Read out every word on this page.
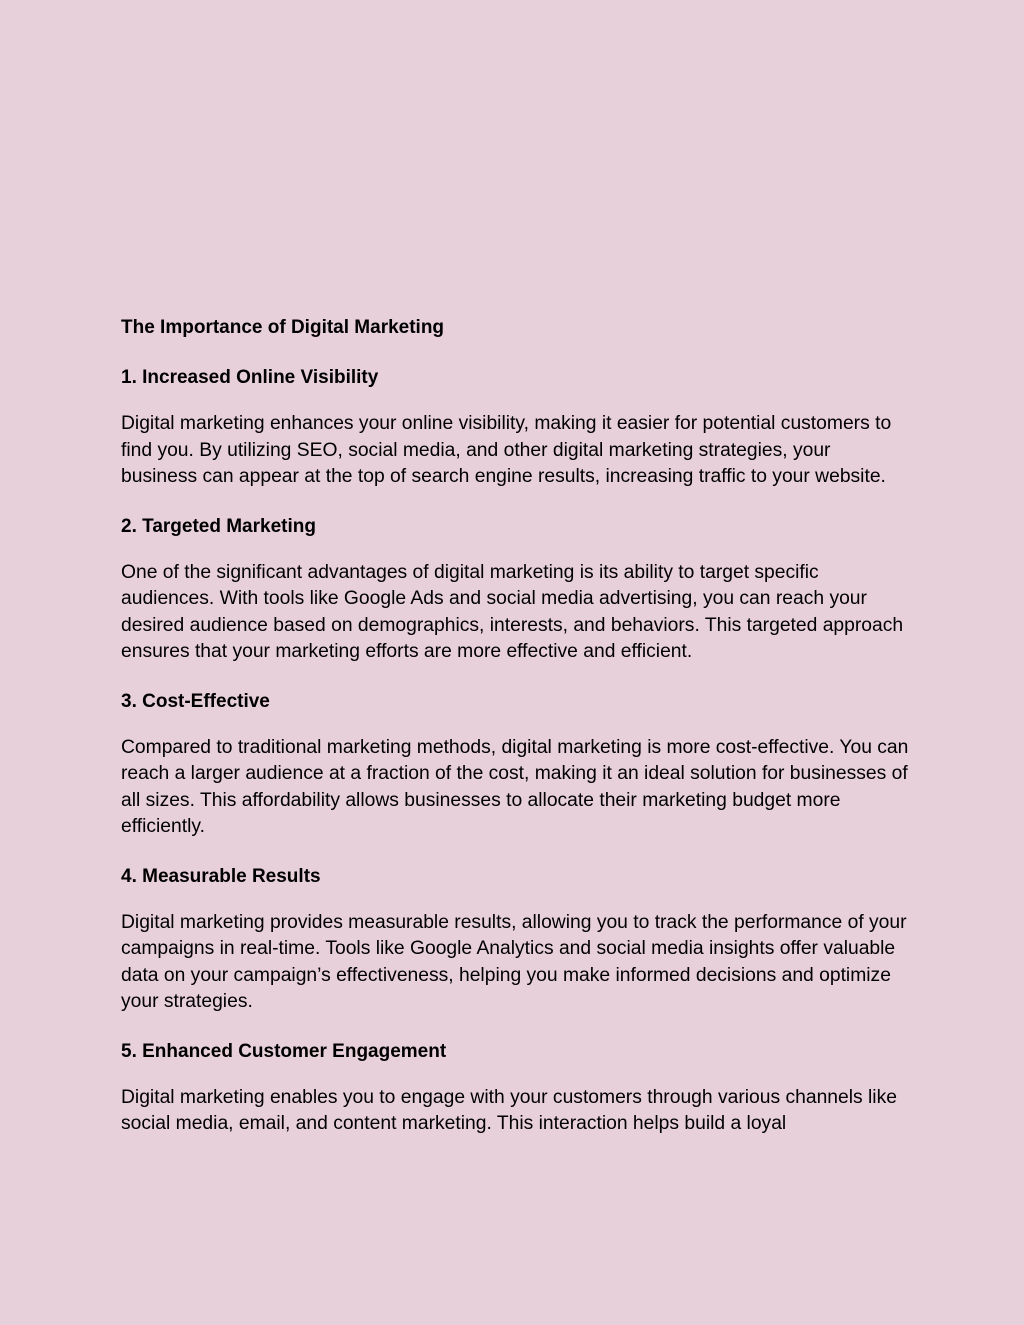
The Importance of Digital Marketing
1. Increased Online Visibility
Digital marketing enhances your online visibility, making it easier for potential customers to find you. By utilizing SEO, social media, and other digital marketing strategies, your business can appear at the top of search engine results, increasing traffic to your website.
2. Targeted Marketing
One of the significant advantages of digital marketing is its ability to target specific audiences. With tools like Google Ads and social media advertising, you can reach your desired audience based on demographics, interests, and behaviors. This targeted approach ensures that your marketing efforts are more effective and efficient.
3. Cost-Effective
Compared to traditional marketing methods, digital marketing is more cost-effective. You can reach a larger audience at a fraction of the cost, making it an ideal solution for businesses of all sizes. This affordability allows businesses to allocate their marketing budget more efficiently.
4. Measurable Results
Digital marketing provides measurable results, allowing you to track the performance of your campaigns in real-time. Tools like Google Analytics and social media insights offer valuable data on your campaign’s effectiveness, helping you make informed decisions and optimize your strategies.
5. Enhanced Customer Engagement
Digital marketing enables you to engage with your customers through various channels like social media, email, and content marketing. This interaction helps build a loyal
